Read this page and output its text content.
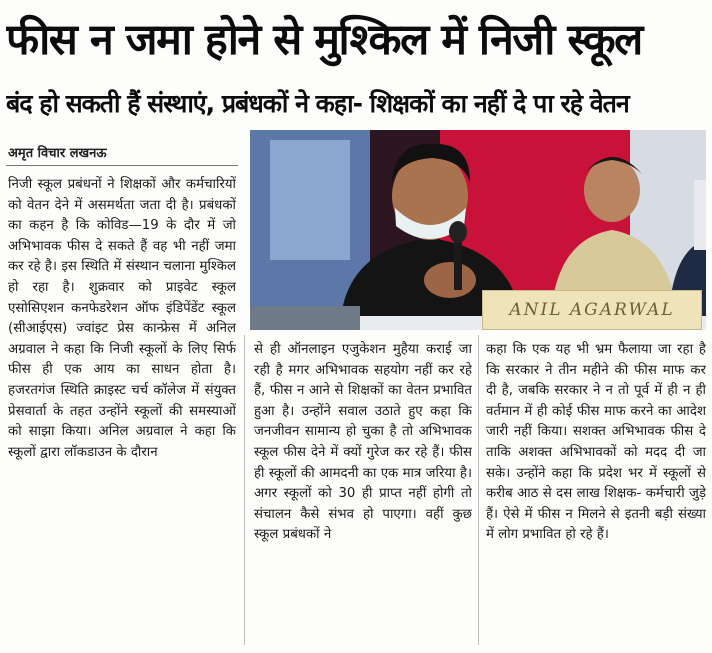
फीस न जमा होने से मुश्किल में निजी स्कूल
बंद हो सकती हैं संस्थाएं, प्रबंधकों ने कहा- शिक्षकों का नहीं दे पा रहे वेतन
अमृत विचार लखनऊ
निजी स्कूल प्रबंधनों ने शिक्षकों और कर्मचारियों को वेतन देने में असमर्थता जता दी है। प्रबंधकों का कहन है कि कोविड—19 के दौर में जो अभिभावक फीस दे सकते हैं वह भी नहीं जमा कर रहे है। इस स्थिति में संस्थान चलाना मुश्किल हो रहा है। शुक्रवार को प्राइवेट स्कूल एसोसिएशन कनफेडरेशन ऑफ इंडिपेंडेंट स्कूल (सीआईएस) ज्वांइट प्रेस कान्फ्रेस में अनिल अग्रवाल ने कहा कि निजी स्कूलों के लिए सिर्फ फीस ही एक आय का साधन होता है। हजरतगंज स्थिति क्राइस्ट चर्च कॉलेज में संयुक्त प्रेसवार्ता के तहत उन्होंने स्कूलों की समस्याओं को साझा किया। अनिल अग्रवाल ने कहा कि स्कूलों द्वारा लॉकडाउन के दौरान
ANIL AGARWAL
से ही ऑनलाइन एजुकेशन मुहैया कराई जा रही है मगर अभिभावक सहयोग नहीं कर रहे हैं, फीस न आने से शिक्षकों का वेतन प्रभावित हुआ है। उन्होंने सवाल उठाते हुए कहा कि जनजीवन सामान्य हो चुका है तो अभिभावक स्कूल फीस देने में क्यों गुरेज कर रहे हैं। फीस ही स्कूलों की आमदनी का एक मात्र जरिया है। अगर स्कूलों को 30 ही प्राप्त नहीं होगी तो संचालन कैसे संभव हो पाएगा। वहीं कुछ स्कूल प्रबंधकों ने
कहा कि एक यह भी भ्रम फैलाया जा रहा है कि सरकार ने तीन महीने की फीस माफ कर दी है, जबकि सरकार ने न तो पूर्व में ही न ही वर्तमान में ही कोई फीस माफ करने का आदेश जारी नहीं किया। सशक्त अभिभावक फीस दे ताकि अशक्त अभिभावकों को मदद दी जा सके। उन्होंने कहा कि प्रदेश भर में स्कूलों से करीब आठ से दस लाख शिक्षक- कर्मचारी जुड़े हैं। ऐसे में फीस न मिलने से इतनी बड़ी संख्या में लोग प्रभावित हो रहे हैं।
